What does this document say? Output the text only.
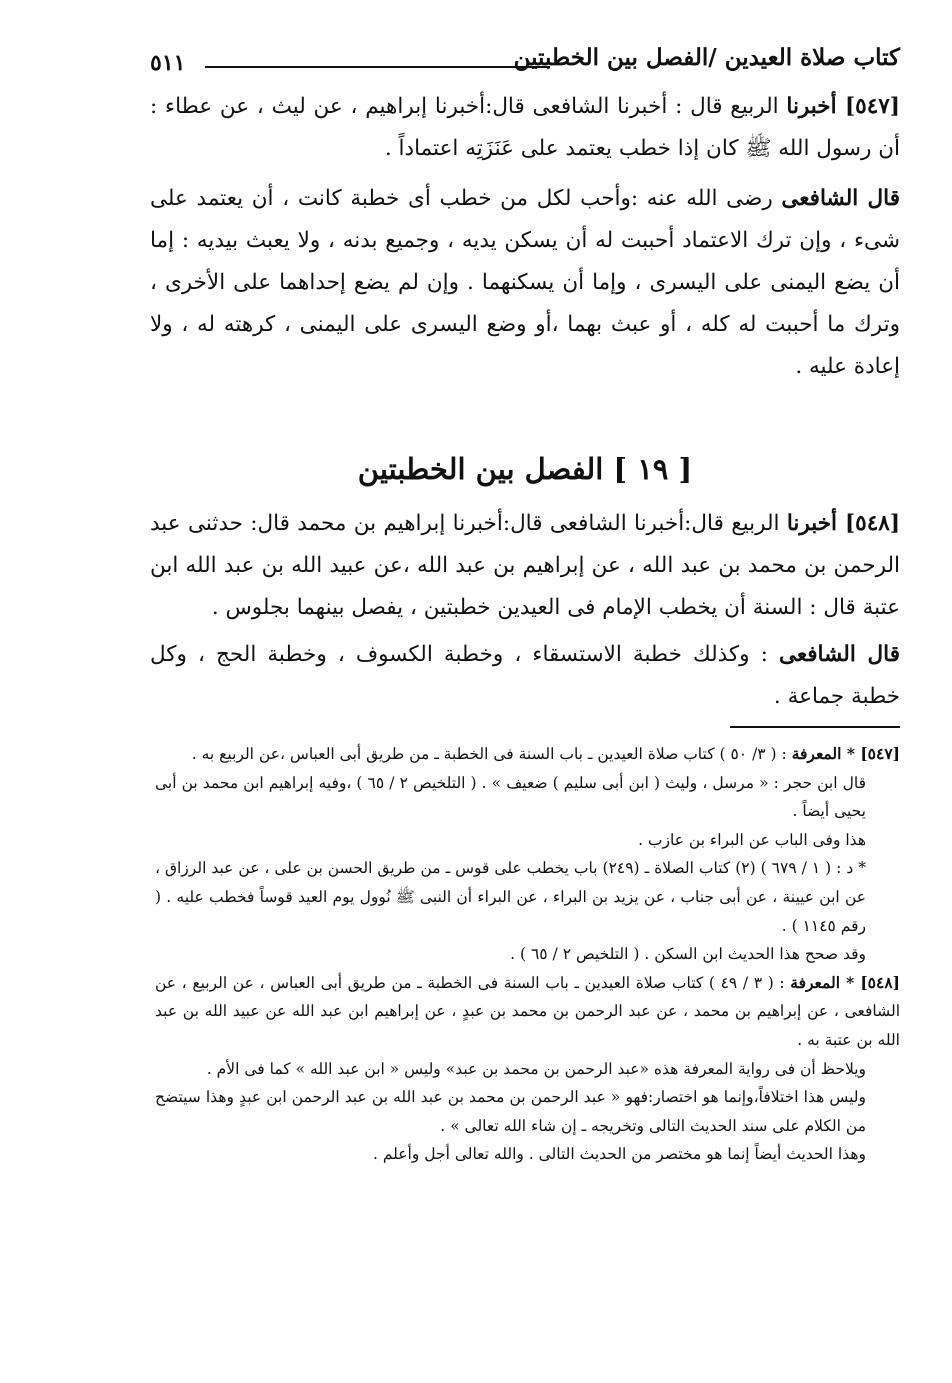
كتاب صلاة العيدين /الفصل بين الخطبتين
٥١١

[٥٤٧] أخبرنا الربيع قال : أخبرنا الشافعى قال:أخبرنا إبراهيم ، عن ليث ، عن عطاء : أن رسول الله ﷺ كان إذا خطب يعتمد على عَنَزَتِه اعتماداً .

قال الشافعى رضى الله عنه :وأحب لكل من خطب أى خطبة كانت ، أن يعتمد على شىء ، وإن ترك الاعتماد أحببت له أن يسكن يديه ، وجميع بدنه ، ولا يعبث بيديه : إما أن يضع اليمنى على اليسرى ، وإما أن يسكنهما . وإن لم يضع إحداهما على الأخرى ، وترك ما أحببت له كله ، أو عبث بهما ،أو وضع اليسرى على اليمنى ، كرهته له ، ولا إعادة عليه .

[ ١٩ ] الفصل بين الخطبتين

[٥٤٨] أخبرنا الربيع قال:أخبرنا الشافعى قال:أخبرنا إبراهيم بن محمد قال: حدثنى عبد الرحمن بن محمد بن عبد الله ، عن إبراهيم بن عبد الله ،عن عبيد الله بن عبد الله ابن عتبة قال : السنة أن يخطب الإمام فى العيدين خطبتين ، يفصل بينهما بجلوس .

قال الشافعى : وكذلك خطبة الاستسقاء ، وخطبة الكسوف ، وخطبة الحج ، وكل خطبة جماعة .

[٥٤٧] * المعرفة : ( ٣/ ٥٠ ) كتاب صلاة العيدين ـ باب السنة فى الخطبة ـ من طريق أبى العباس ،عن الربيع به .

قال ابن حجر : « مرسل ، وليث ( ابن أبى سليم ) ضعيف » . ( التلخيص ٢ / ٦٥ ) ،وفيه إبراهيم ابن محمد بن أبى يحيى أيضاً .

هذا وفى الباب عن البراء بن عازب .

* د : ( ١ / ٦٧٩ ) (٢) كتاب الصلاة ـ (٢٤٩) باب يخطب على قوس ـ من طريق الحسن بن على ، عن عبد الرزاق ، عن ابن عيينة ، عن أبى جناب ، عن يزيد بن البراء ، عن البراء أن النبى ﷺ نُوول يوم العيد قوساً فخطب عليه . ( رقم ١١٤٥ ) .

وقد صحح هذا الحديث ابن السكن . ( التلخيص ٢ / ٦٥ ) .

[٥٤٨] * المعرفة : ( ٣ / ٤٩ ) كتاب صلاة العيدين ـ باب السنة فى الخطبة ـ من طريق أبى العباس ، عن الربيع ، عن الشافعى ، عن إبراهيم بن محمد ، عن عبد الرحمن بن محمد بن عبدٍ ، عن إبراهيم ابن عبد الله عن عبيد الله بن عبد الله بن عتبة به .

ويلاحظ أن فى رواية المعرفة هذه «عبد الرحمن بن محمد بن عبد» وليس « ابن عبد الله » كما فى الأم .

وليس هذا اختلافاً،وإنما هو اختصار:فهو « عبد الرحمن بن محمد بن عبد الله بن عبد الرحمن ابن عبدٍ وهذا سيتضح من الكلام على سند الحديث التالى وتخريجه ـ إن شاء الله تعالى » .

وهذا الحديث أيضاً إنما هو مختصر من الحديث التالى . والله تعالى أجل وأعلم .
